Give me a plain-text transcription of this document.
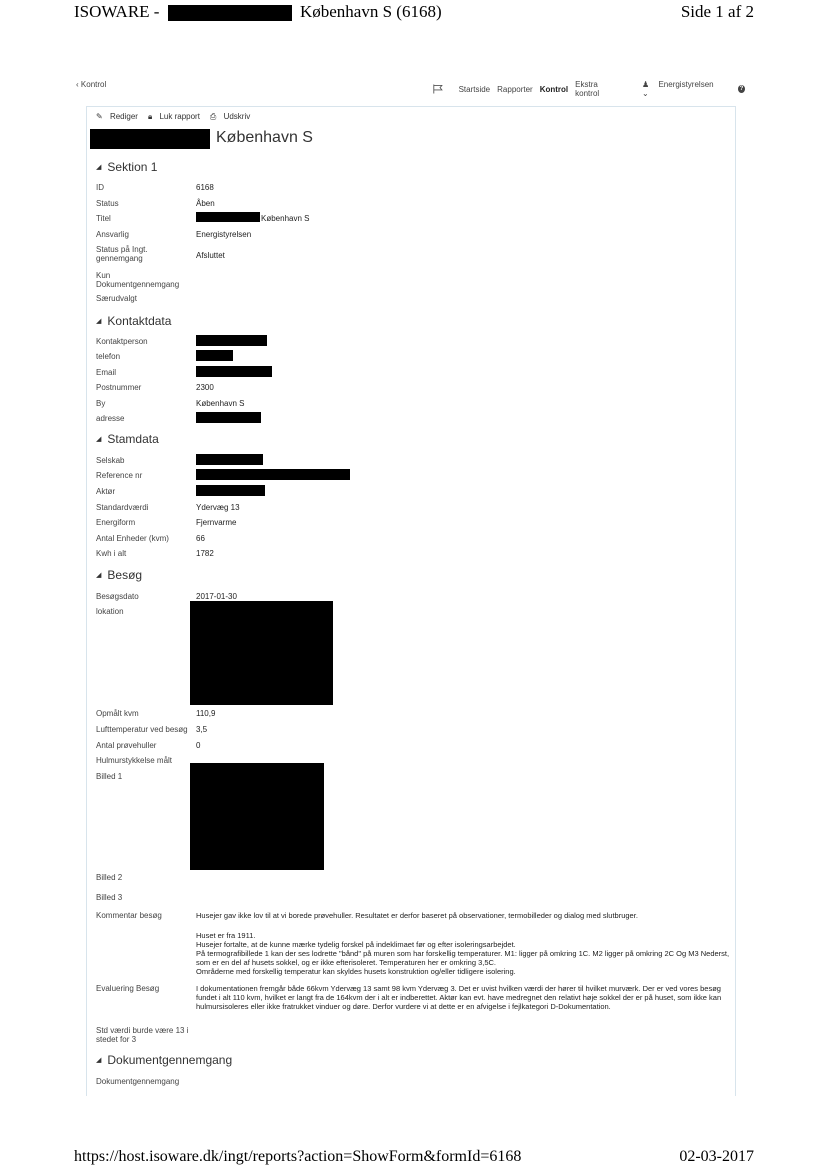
ISOWARE -	København S (6168)	Side 1 af 2
‹ Kontrol	Startside Rapporter Kontrol Ekstra kontrol
♟ Energistyrelsen ⌄	?
✎ Rediger	🔒︎ Luk rapport	⎙ Udskriv
København S
◢ Sektion 1
ID	6168
Status	Åben
Titel	København S
Ansvarlig	Energistyrelsen
Status på Ingt. gennemgang	Afsluttet
Kun Dokumentgennemgang
Særudvalgt
◢ Kontaktdata
Kontaktperson
telefon
Email
Postnummer	2300
By	København S
adresse
◢ Stamdata
Selskab
Reference nr
Aktør
Standardværdi	Ydervæg 13
Energiform	Fjernvarme
Antal Enheder (kvm)	66
Kwh i alt	1782
◢ Besøg
Besøgsdato	2017-01-30
lokation
Opmålt kvm	110,9
Lufttemperatur ved besøg	3,5
Antal prøvehuller	0
Hulmurstykkelse målt
Billed 1
Billed 2
Billed 3
Kommentar besøg	Husejer gav ikke lov til at vi borede prøvehuller. Resultatet er derfor baseret på observationer, termobilleder og dialog med slutbruger.
Huset er fra 1911.
Husejer fortalte, at de kunne mærke tydelig forskel på indeklimaet før og efter isoleringsarbejdet.
På termografibillede 1 kan der ses lodrette "bånd" på muren som har forskellig temperaturer. M1: ligger på omkring 1C. M2 ligger på omkring 2C Og M3 Nederst, som er en del af husets sokkel, og er ikke efterisoleret. Temperaturen her er omkring 3,5C.
Områderne med forskellig temperatur kan skyldes husets konstruktion og/eller tidligere isolering.
Evaluering Besøg	I dokumentationen fremgår både 66kvm Ydervæg 13 samt 98 kvm Ydervæg 3. Det er uvist hvilken værdi der hører til hvilket murværk. Der er ved vores besøg fundet i alt 110 kvm, hvilket er langt fra de 164kvm der i alt er indberettet. Aktør kan evt. have medregnet den relativt høje sokkel der er på huset, som ikke kan hulmursisoleres eller ikke fratrukket vinduer og døre. Derfor vurdere vi at dette er en afvigelse i fejlkategori D-Dokumentation.
Std værdi burde være 13 i stedet for 3
◢ Dokumentgennemgang
Dokumentgennemgang
https://host.isoware.dk/ingt/reports?action=ShowForm&formId=6168	02-03-2017
